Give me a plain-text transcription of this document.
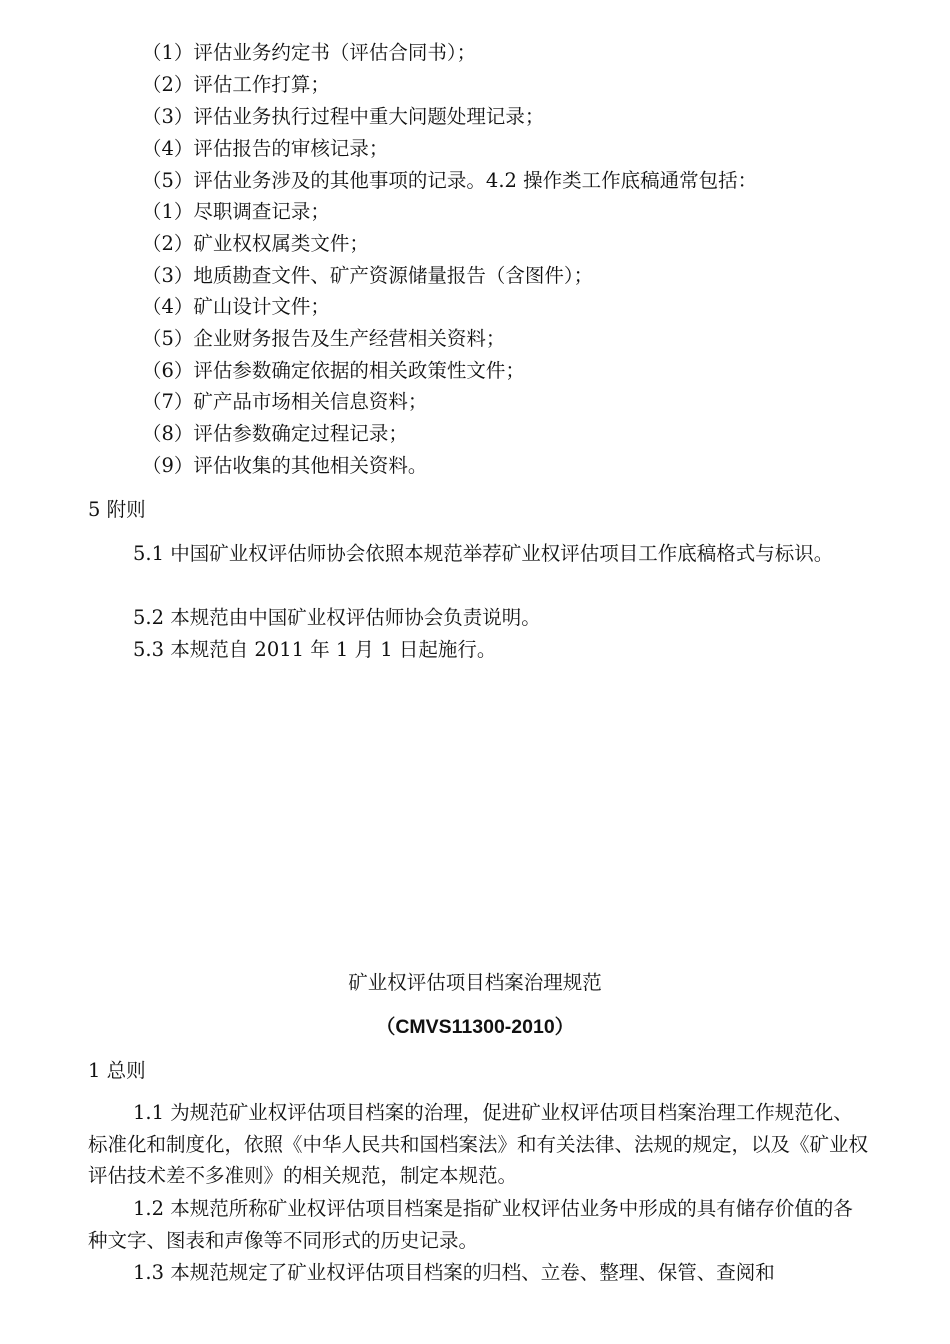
（1）评估业务约定书（评估合同书）；
（2）评估工作打算；
（3）评估业务执行过程中重大问题处理记录；
（4）评估报告的审核记录；
（5）评估业务涉及的其他事项的记录。4.2 操作类工作底稿通常包括：
（1）尽职调查记录；
（2）矿业权权属类文件；
（3）地质勘查文件、矿产资源储量报告（含图件）；
（4）矿山设计文件；
（5）企业财务报告及生产经营相关资料；
（6）评估参数确定依据的相关政策性文件；
（7）矿产品市场相关信息资料；
（8）评估参数确定过程记录；
（9）评估收集的其他相关资料。
5 附则
5.1 中国矿业权评估师协会依照本规范举荐矿业权评估项目工作底稿格式与标识。
5.2 本规范由中国矿业权评估师协会负责说明。
5.3 本规范自 2011 年 1 月 1 日起施行。
矿业权评估项目档案治理规范
（CMVS11300-2010）
1 总则
1.1 为规范矿业权评估项目档案的治理，促进矿业权评估项目档案治理工作规范化、标准化和制度化，依照《中华人民共和国档案法》和有关法律、法规的规定，以及《矿业权评估技术差不多准则》的相关规范，制定本规范。
1.2 本规范所称矿业权评估项目档案是指矿业权评估业务中形成的具有储存价值的各种文字、图表和声像等不同形式的历史记录。
1.3 本规范规定了矿业权评估项目档案的归档、立卷、整理、保管、查阅和
